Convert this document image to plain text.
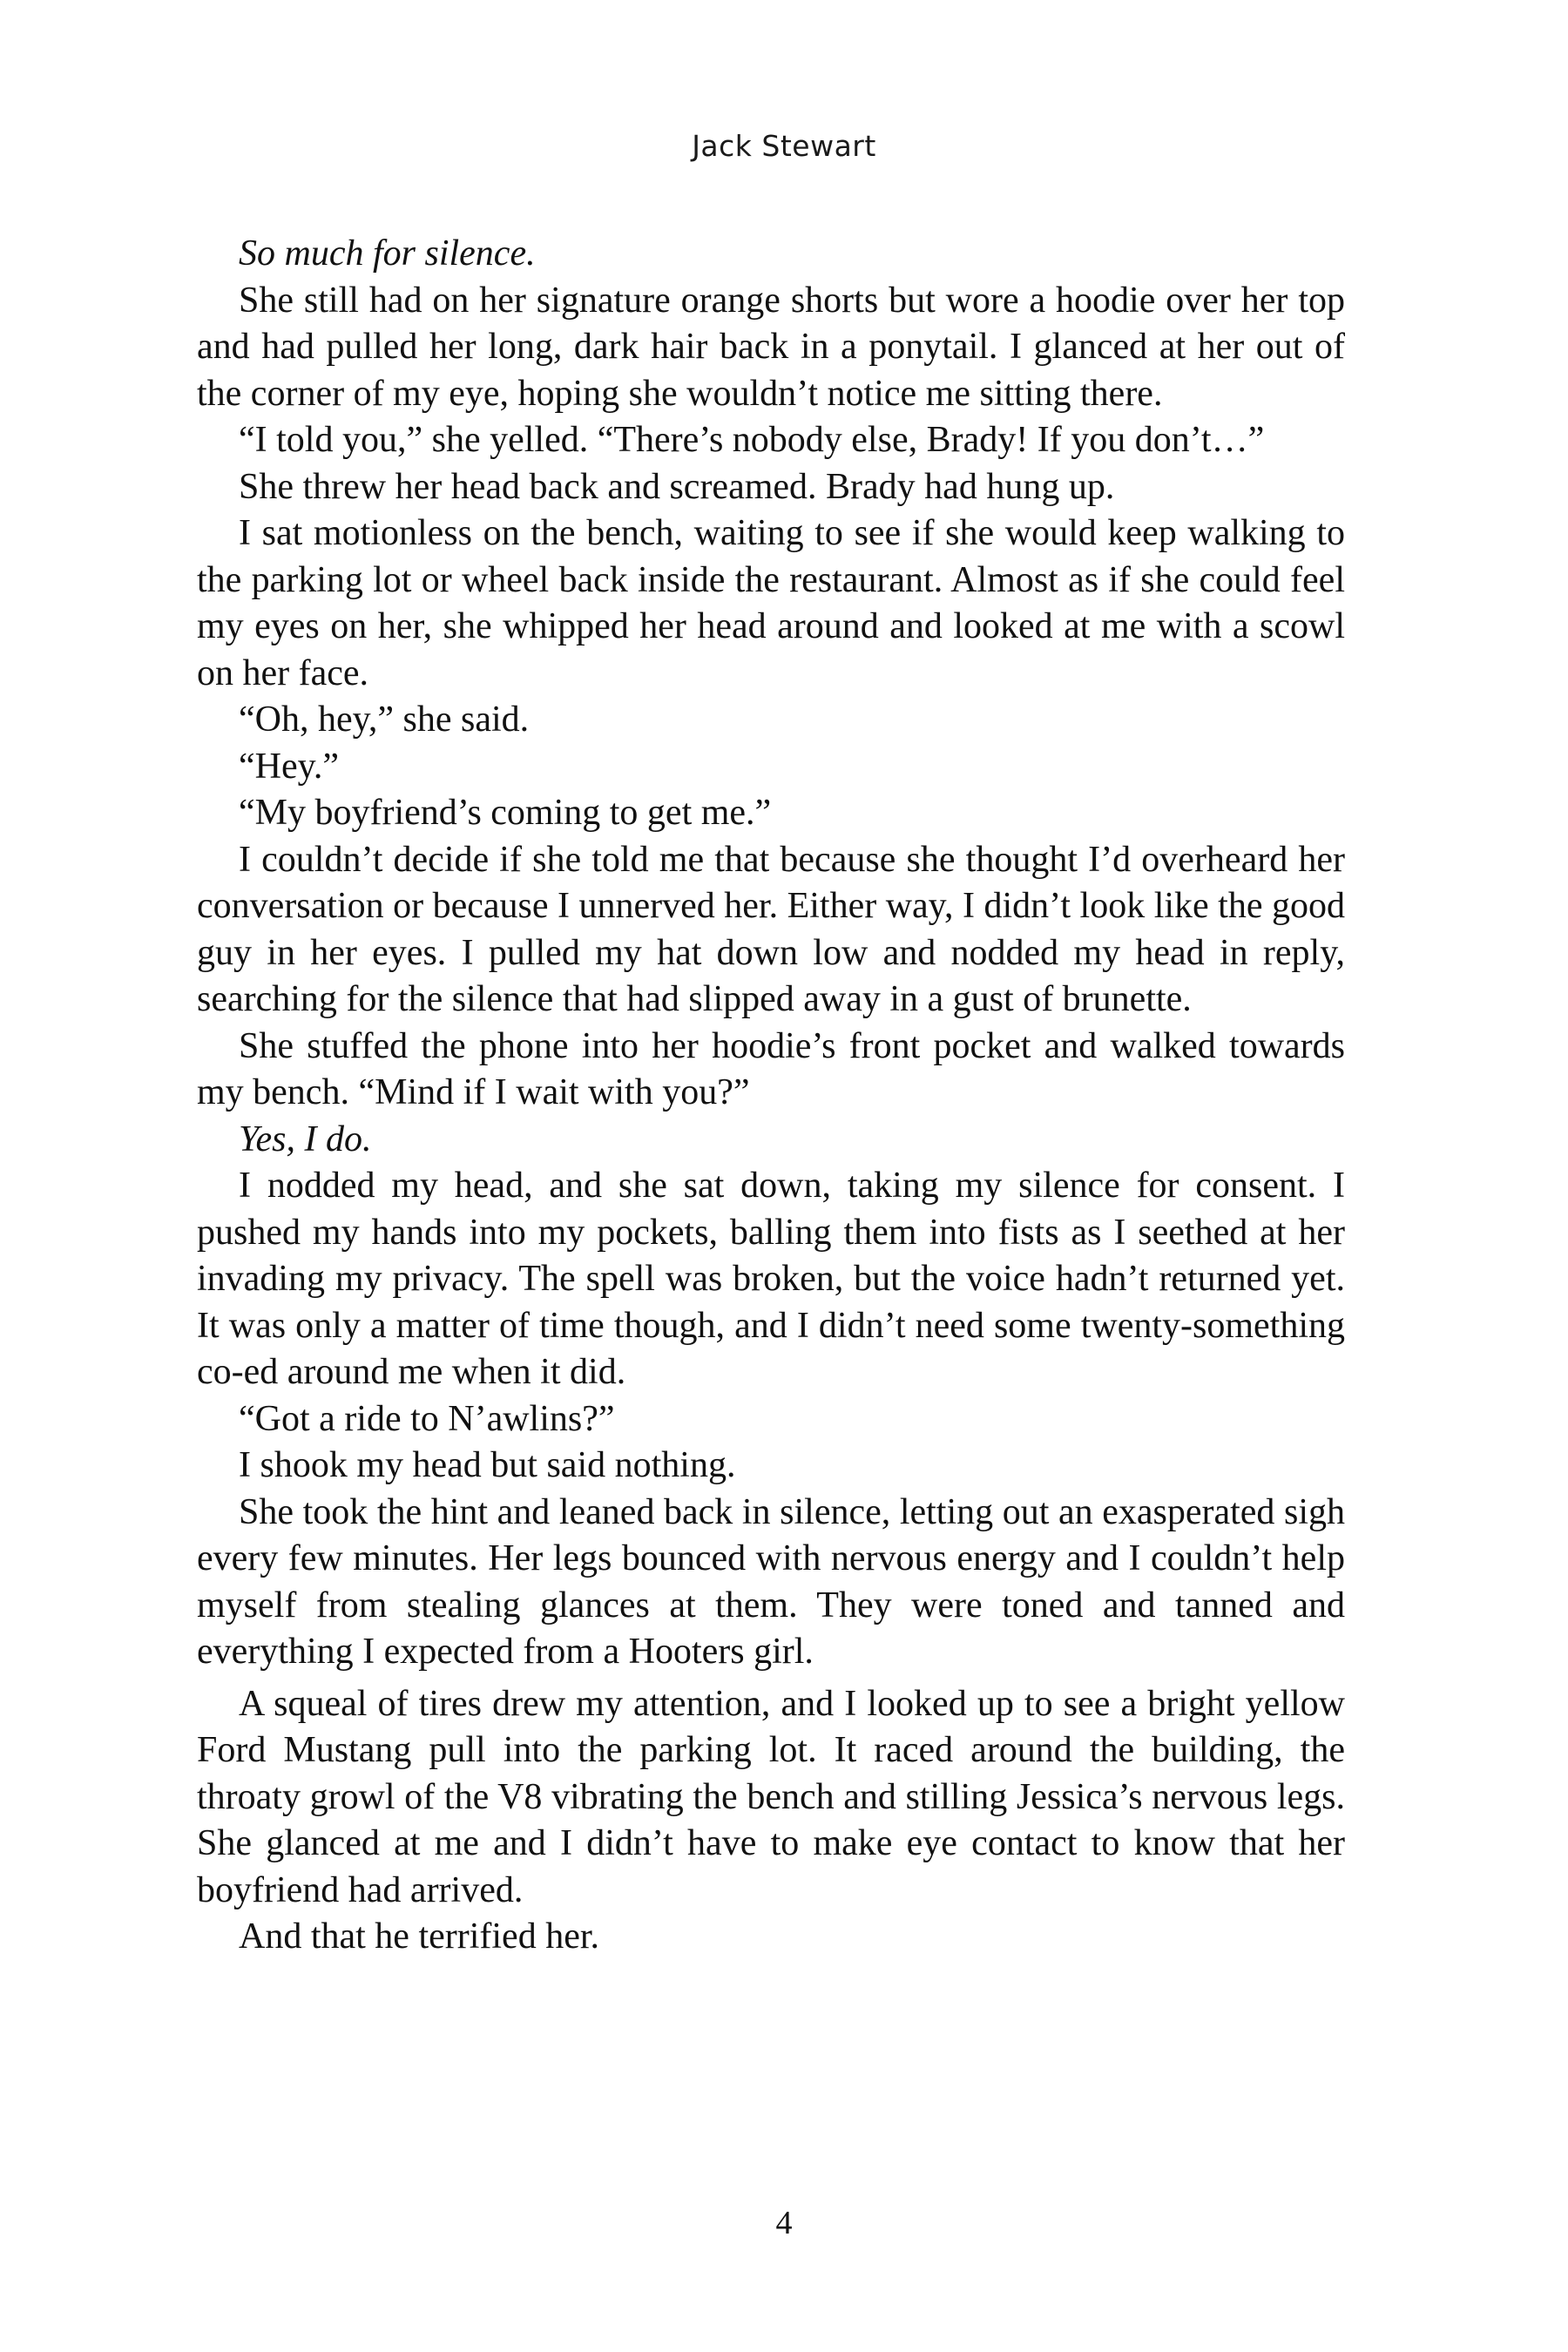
Jack Stewart

So much for silence.

She still had on her signature orange shorts but wore a hoodie over her top and had pulled her long, dark hair back in a ponytail. I glanced at her out of the corner of my eye, hoping she wouldn’t notice me sitting there.

“I told you,” she yelled. “There’s nobody else, Brady! If you don’t…”

She threw her head back and screamed. Brady had hung up.

I sat motionless on the bench, waiting to see if she would keep walking to the parking lot or wheel back inside the restaurant. Almost as if she could feel my eyes on her, she whipped her head around and looked at me with a scowl on her face.

“Oh, hey,” she said.

“Hey.”

“My boyfriend’s coming to get me.”

I couldn’t decide if she told me that because she thought I’d overheard her conversation or because I unnerved her. Either way, I didn’t look like the good guy in her eyes. I pulled my hat down low and nodded my head in reply, searching for the silence that had slipped away in a gust of brunette.

She stuffed the phone into her hoodie’s front pocket and walked towards my bench. “Mind if I wait with you?”

Yes, I do.

I nodded my head, and she sat down, taking my silence for consent. I pushed my hands into my pockets, balling them into fists as I seethed at her invading my privacy. The spell was broken, but the voice hadn’t returned yet. It was only a matter of time though, and I didn’t need some twenty-something co-ed around me when it did.

“Got a ride to N’awlins?”

I shook my head but said nothing.

She took the hint and leaned back in silence, letting out an exasperated sigh every few minutes. Her legs bounced with nervous energy and I couldn’t help myself from stealing glances at them. They were toned and tanned and everything I expected from a Hooters girl.

A squeal of tires drew my attention, and I looked up to see a bright yellow Ford Mustang pull into the parking lot. It raced around the building, the throaty growl of the V8 vibrating the bench and stilling Jessica’s nervous legs. She glanced at me and I didn’t have to make eye contact to know that her boyfriend had arrived.

And that he terrified her.

4
